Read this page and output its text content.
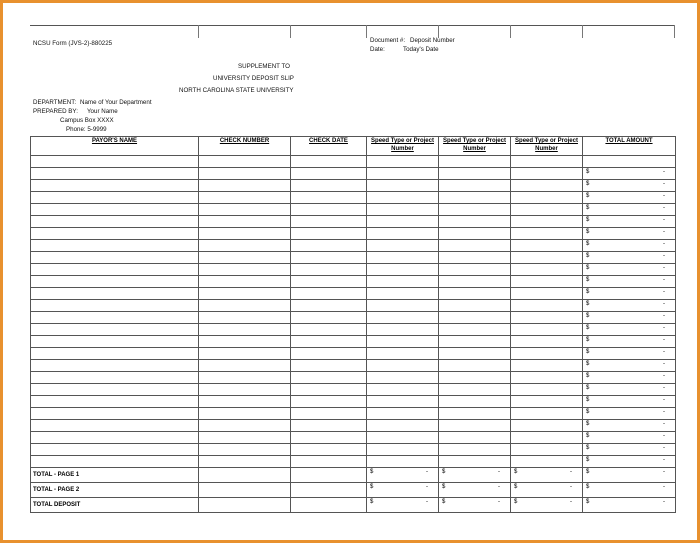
NCSU Form (JVS-2)-880225	Document #: Deposit Number
Date:	Today's Date
SUPPLEMENT TO
UNIVERSITY DEPOSIT SLIP
NORTH CAROLINA STATE UNIVERSITY
DEPARTMENT: Name of Your Department
PREPARED BY: Your Name
Campus Box XXXX
Phone: 5-9999
PAYOR'S NAME	CHECK NUMBER	CHECK DATE	Speed Type or Project Number	Speed Type or Project Number	Speed Type or Project Number	TOTAL AMOUNT

						$ -

						$ -

						$ -

						$ -

						$ -

						$ -

						$ -

						$ -

						$ -

						$ -

						$ -

						$ -

						$ -

						$ -

						$ -

						$ -

						$ -

						$ -

						$ -

						$ -

						$ -

						$ -

						$ -

						$ -

						$ -

TOTAL - PAGE 1			$ -	$ -	$ -	$ -

TOTAL - PAGE 2			$ -	$ -	$ -	$ -

TOTAL DEPOSIT			$ -	$ -	$ -	$ -
